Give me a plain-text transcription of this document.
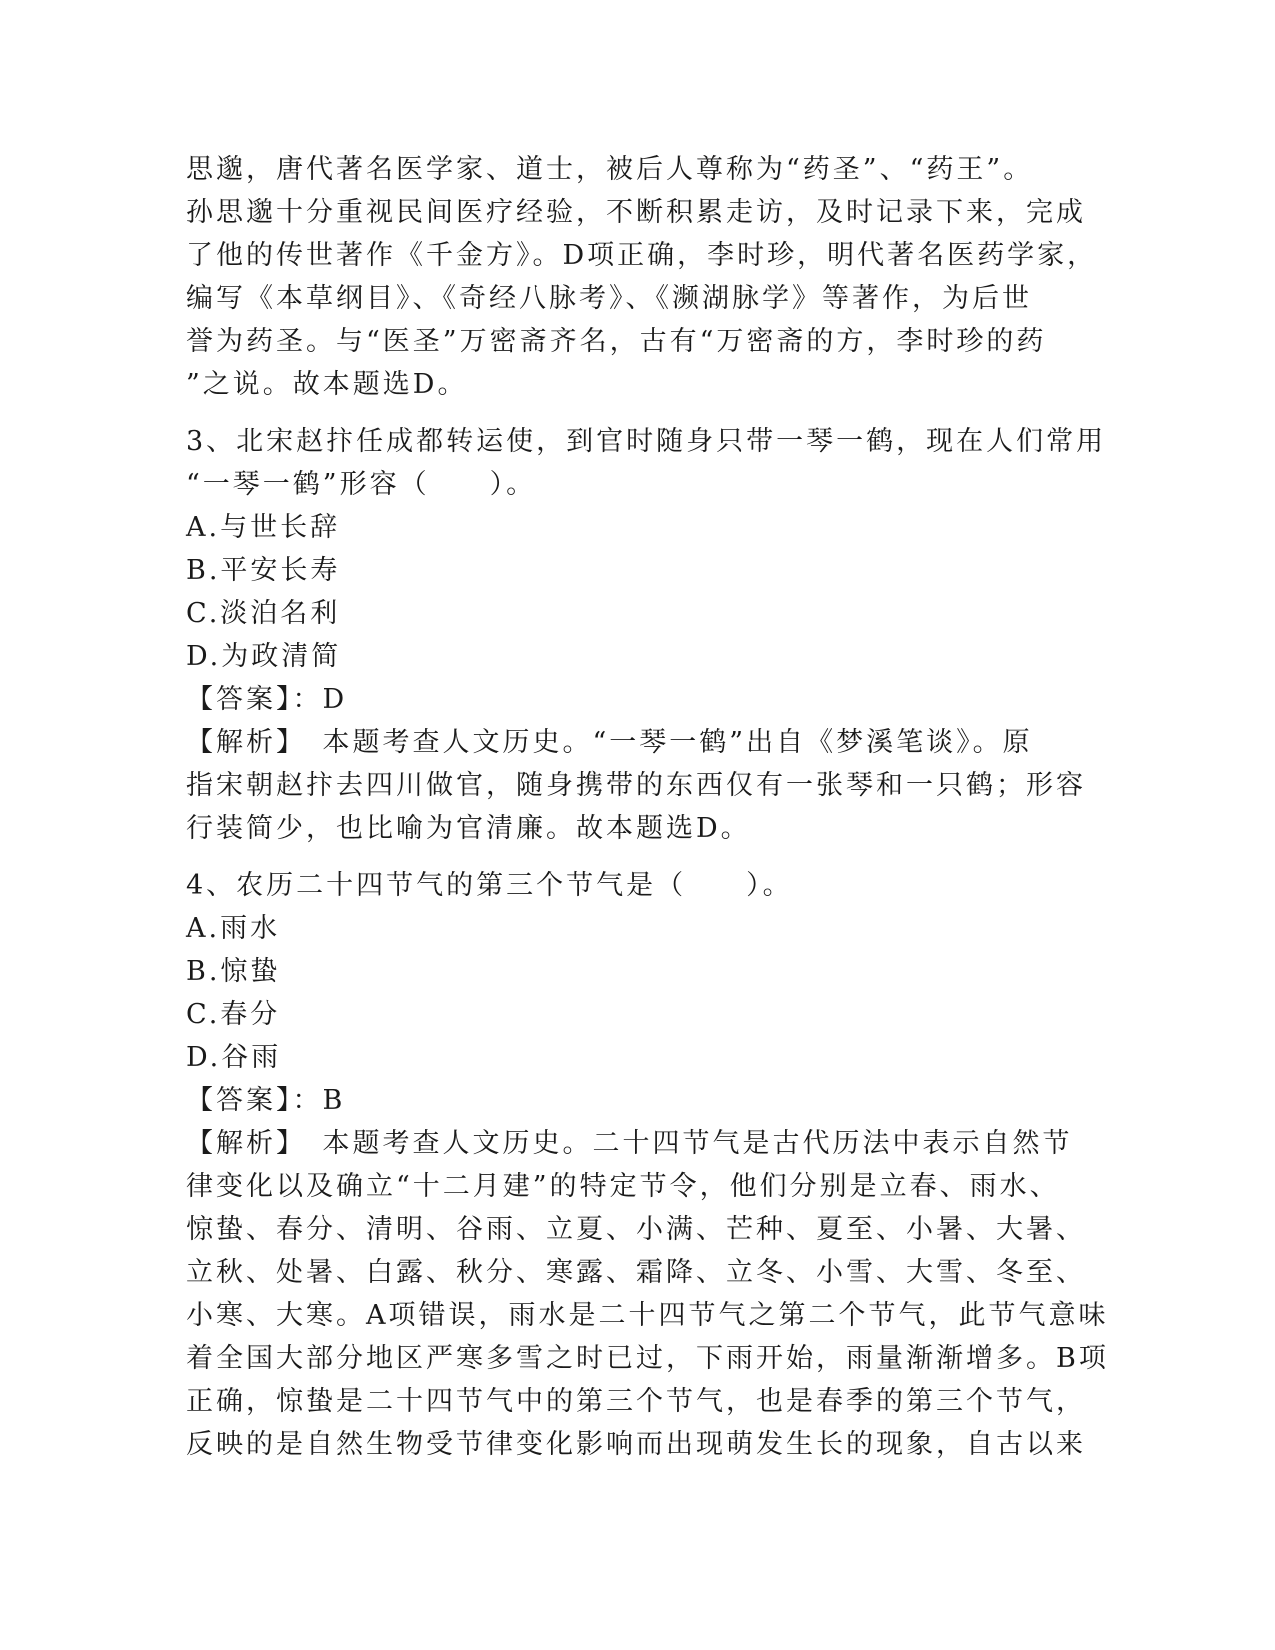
思邈，唐代著名医学家、道士，被后人尊称为“药圣”、“药王”。
孙思邈十分重视民间医疗经验，不断积累走访，及时记录下来，完成
了他的传世著作《千金方》。D项正确，李时珍，明代著名医药学家，
编写《本草纲目》、《奇经八脉考》、《濒湖脉学》等著作，为后世
誉为药圣。与“医圣”万密斋齐名，古有“万密斋的方，李时珍的药
”之说。故本题选D。
3、北宋赵抃任成都转运使，到官时随身只带一琴一鹤，现在人们常用
“一琴一鹤”形容（　　）。
A.与世长辞
B.平安长寿
C.淡泊名利
D.为政清简
【答案】：D
【解析】　本题考查人文历史。“一琴一鹤”出自《梦溪笔谈》。原
指宋朝赵抃去四川做官，随身携带的东西仅有一张琴和一只鹤；形容
行装简少，也比喻为官清廉。故本题选D。
4、农历二十四节气的第三个节气是（　　）。
A.雨水
B.惊蛰
C.春分
D.谷雨
【答案】：B
【解析】　本题考查人文历史。二十四节气是古代历法中表示自然节
律变化以及确立“十二月建”的特定节令，他们分别是立春、雨水、
惊蛰、春分、清明、谷雨、立夏、小满、芒种、夏至、小暑、大暑、
立秋、处暑、白露、秋分、寒露、霜降、立冬、小雪、大雪、冬至、
小寒、大寒。A项错误，雨水是二十四节气之第二个节气，此节气意味
着全国大部分地区严寒多雪之时已过，下雨开始，雨量渐渐增多。B项
正确，惊蛰是二十四节气中的第三个节气，也是春季的第三个节气，
反映的是自然生物受节律变化影响而出现萌发生长的现象，自古以来
